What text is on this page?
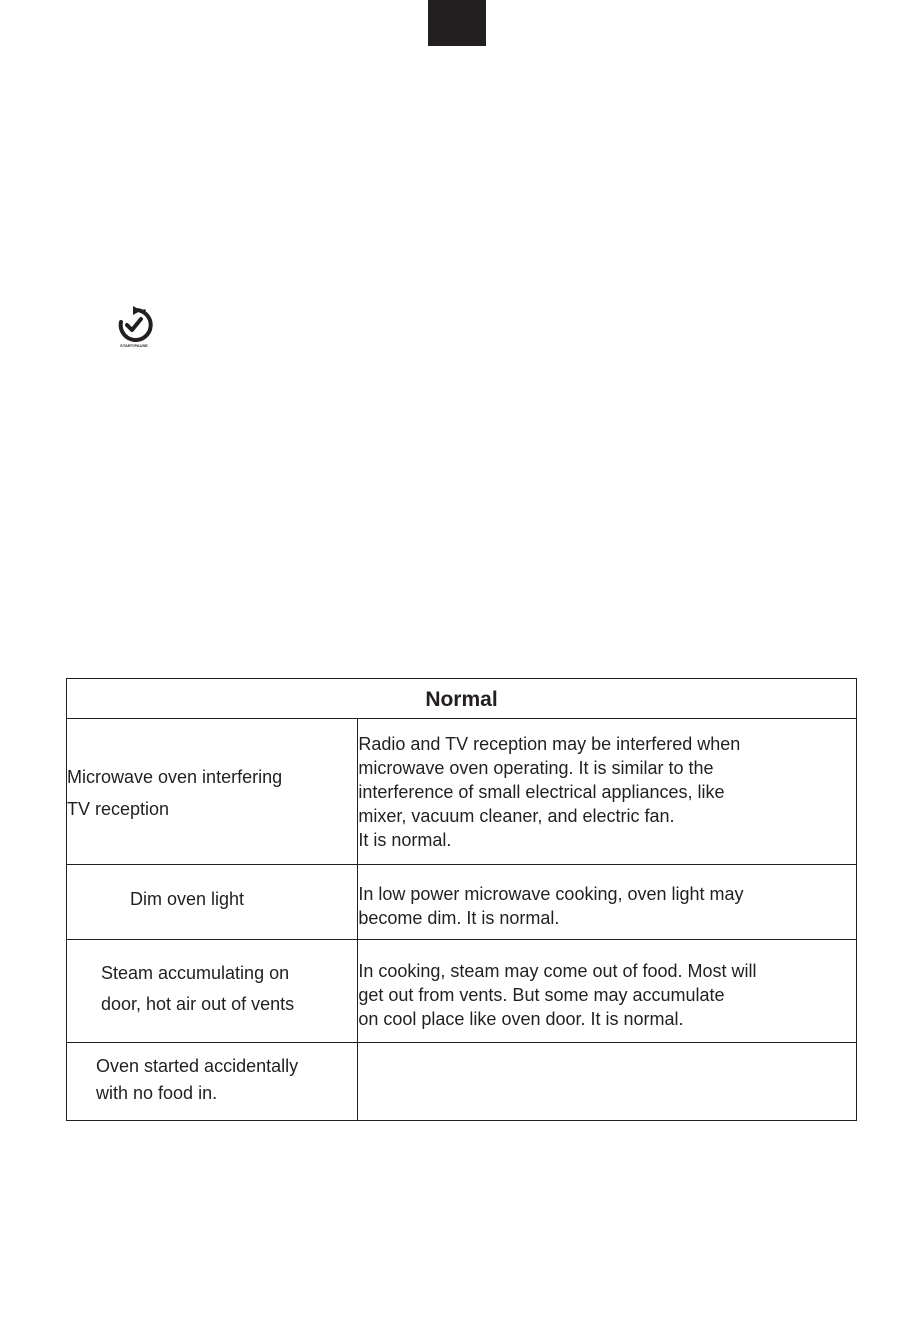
START/PAUSE
Normal	
Microwave oven interfering
TV reception	Radio and TV reception may be interfered when
microwave oven operating. It is similar to the
interference of small electrical appliances, like
mixer, vacuum cleaner, and electric fan.
It is normal.
Dim oven light	In low power microwave cooking, oven light may
become dim. It is normal.
Steam accumulating on
door, hot air out of vents	In cooking, steam may come out of food. Most will
get out from vents. But some may accumulate
on cool place like oven door. It is normal.
Oven started accidentally
with no food in.	
